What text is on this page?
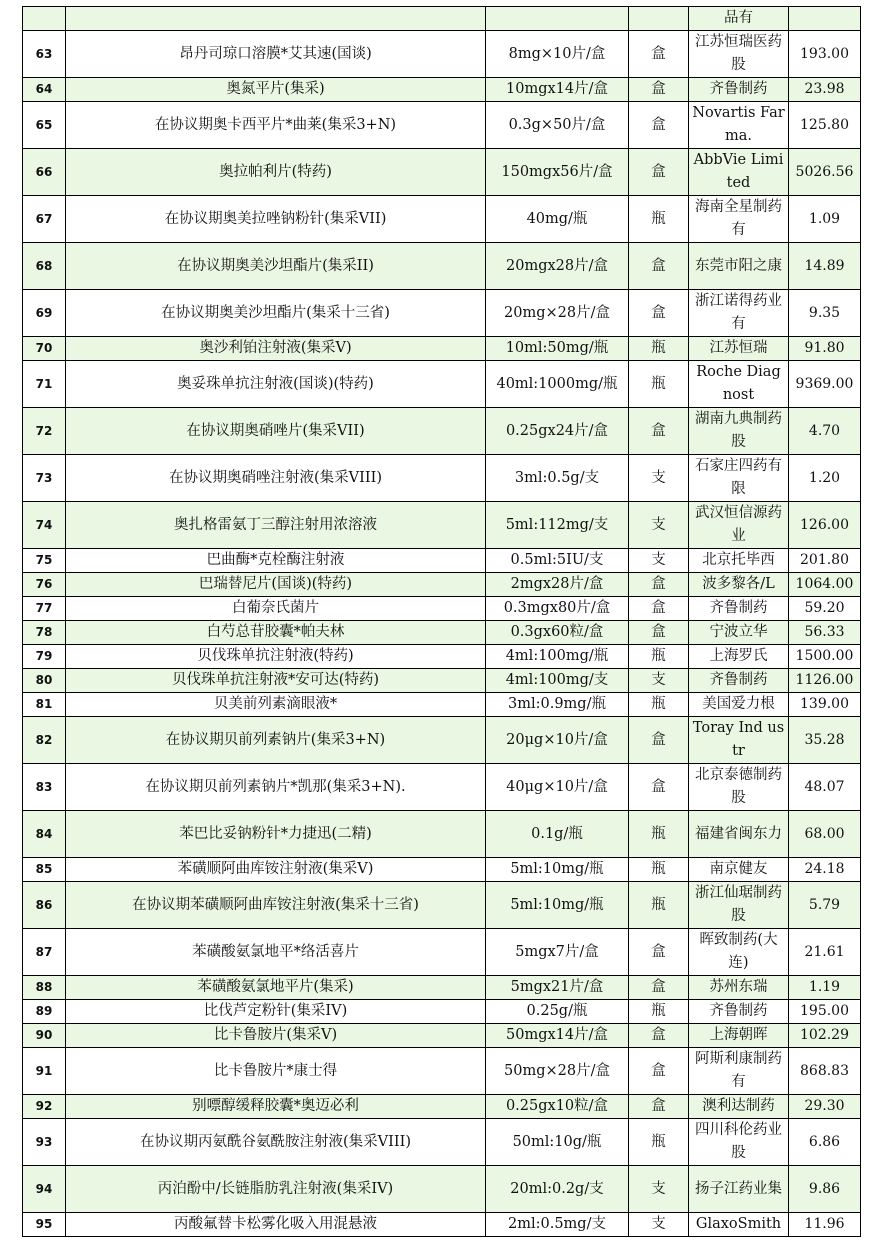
				品有	
63	昂丹司琼口溶膜*艾其速(国谈)	8mg×10片/盒	盒	江苏恒瑞医药股	193.00
64	奥氮平片(集采)	10mgx14片/盒	盒	齐鲁制药	23.98
65	在协议期奥卡西平片*曲莱(集采3+N)	0.3g×50片/盒	盒	Novartis Farma.	125.80
66	奥拉帕利片(特药)	150mgx56片/盒	盒	AbbVie Limited	5026.56
67	在协议期奥美拉唑钠粉针(集采VII)	40mg/瓶	瓶	海南全星制药有	1.09
68	在协议期奥美沙坦酯片(集采II)	20mgx28片/盒	盒	东莞市阳之康	14.89
69	在协议期奥美沙坦酯片(集采十三省)	20mg×28片/盒	盒	浙江诺得药业有	9.35
70	奥沙利铂注射液(集采V)	10ml:50mg/瓶	瓶	江苏恒瑞	91.80
71	奥妥珠单抗注射液(国谈)(特药)	40ml:1000mg/瓶	瓶	Roche Diagnost	9369.00
72	在协议期奥硝唑片(集采VII)	0.25gx24片/盒	盒	湖南九典制药股	4.70
73	在协议期奥硝唑注射液(集采VIII)	3ml:0.5g/支	支	石家庄四药有限	1.20
74	奥扎格雷氨丁三醇注射用浓溶液	5ml:112mg/支	支	武汉恒信源药业	126.00
75	巴曲酶*克栓酶注射液	0.5ml:5IU/支	支	北京托毕西	201.80
76	巴瑞替尼片(国谈)(特药)	2mgx28片/盒	盒	波多黎各/L	1064.00
77	白葡奈氏菌片	0.3mgx80片/盒	盒	齐鲁制药	59.20
78	白芍总苷胶囊*帕夫林	0.3gx60粒/盒	盒	宁波立华	56.33
79	贝伐珠单抗注射液(特药)	4ml:100mg/瓶	瓶	上海罗氏	1500.00
80	贝伐珠单抗注射液*安可达(特药)	4ml:100mg/支	支	齐鲁制药	1126.00
81	贝美前列素滴眼液*	3ml:0.9mg/瓶	瓶	美国爱力根	139.00
82	在协议期贝前列素钠片(集采3+N)	20μg×10片/盒	盒	Toray Ind ustr	35.28
83	在协议期贝前列素钠片*凯那(集采3+N).	40μg×10片/盒	盒	北京泰德制药股	48.07
84	苯巴比妥钠粉针*力捷迅(二精)	0.1g/瓶	瓶	福建省闽东力	68.00
85	苯磺顺阿曲库铵注射液(集采V)	5ml:10mg/瓶	瓶	南京健友	24.18
86	在协议期苯磺顺阿曲库铵注射液(集采十三省)	5ml:10mg/瓶	瓶	浙江仙琚制药股	5.79
87	苯磺酸氨氯地平*络活喜片	5mgx7片/盒	盒	晖致制药(大连)	21.61
88	苯磺酸氨氯地平片(集采)	5mgx21片/盒	盒	苏州东瑞	1.19
89	比伐芦定粉针(集采IV)	0.25g/瓶	瓶	齐鲁制药	195.00
90	比卡鲁胺片(集采V)	50mgx14片/盒	盒	上海朝晖	102.29
91	比卡鲁胺片*康士得	50mg×28片/盒	盒	阿斯利康制药有	868.83
92	别嘌醇缓释胶囊*奥迈必利	0.25gx10粒/盒	盒	澳利达制药	29.30
93	在协议期丙氨酰谷氨酰胺注射液(集采VIII)	50ml:10g/瓶	瓶	四川科伦药业股	6.86
94	丙泊酚中/长链脂肪乳注射液(集采IV)	20ml:0.2g/支	支	扬子江药业集	9.86
95	丙酸氟替卡松雾化吸入用混悬液	2ml:0.5mg/支	支	GlaxoSmith	11.96
